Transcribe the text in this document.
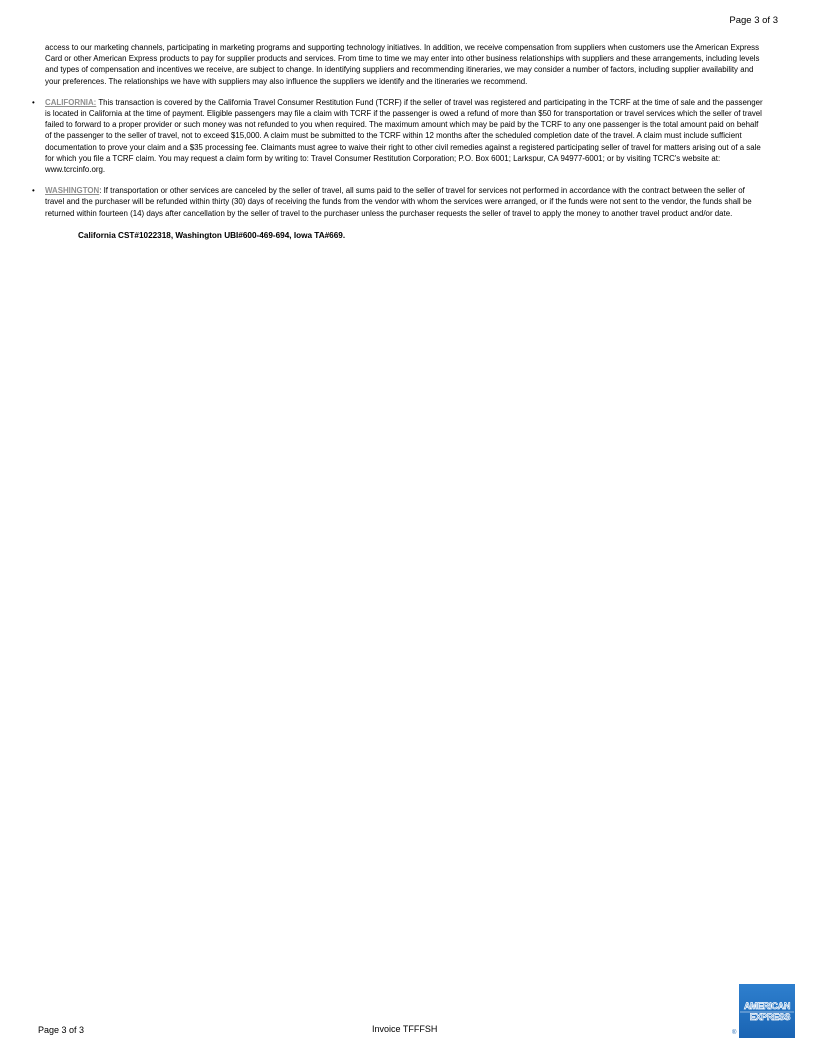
Page 3 of 3

access to our marketing channels, participating in marketing programs and supporting technology initiatives. In addition, we receive compensation from suppliers when customers use the American Express Card or other American Express products to pay for supplier products and services. From time to time we may enter into other business relationships with suppliers and these arrangements, including levels and types of compensation and incentives we receive, are subject to change. In identifying suppliers and recommending itineraries, we may consider a number of factors, including supplier availability and your preferences. The relationships we have with suppliers may also influence the suppliers we identify and the itineraries we recommend.

• CALIFORNIA: This transaction is covered by the California Travel Consumer Restitution Fund (TCRF) if the seller of travel was registered and participating in the TCRF at the time of sale and the passenger is located in California at the time of payment. Eligible passengers may file a claim with TCRF if the passenger is owed a refund of more than $50 for transportation or travel services which the seller of travel failed to forward to a proper provider or such money was not refunded to you when required. The maximum amount which may be paid by the TCRF to any one passenger is the total amount paid on behalf of the passenger to the seller of travel, not to exceed $15,000. A claim must be submitted to the TCRF within 12 months after the scheduled completion date of the travel. A claim must include sufficient documentation to prove your claim and a $35 processing fee. Claimants must agree to waive their right to other civil remedies against a registered participating seller of travel for matters arising out of a sale for which you file a TCRF claim. You may request a claim form by writing to: Travel Consumer Restitution Corporation; P.O. Box 6001; Larkspur, CA 94977-6001; or by visiting TCRC's website at: www.tcrcinfo.org.
• WASHINGTON: If transportation or other services are canceled by the seller of travel, all sums paid to the seller of travel for services not performed in accordance with the contract between the seller of travel and the purchaser will be refunded within thirty (30) days of receiving the funds from the vendor with whom the services were arranged, or if the funds were not sent to the vendor, the funds shall be returned within fourteen (14) days after cancellation by the seller of travel to the purchaser unless the purchaser requests the seller of travel to apply the money to another travel product and/or date.
California CST#1022318, Washington UBI#600-469-694, Iowa TA#669.
Page 3 of 3	Invoice TFFFSH
AMERICAN
EXPRESS
®
